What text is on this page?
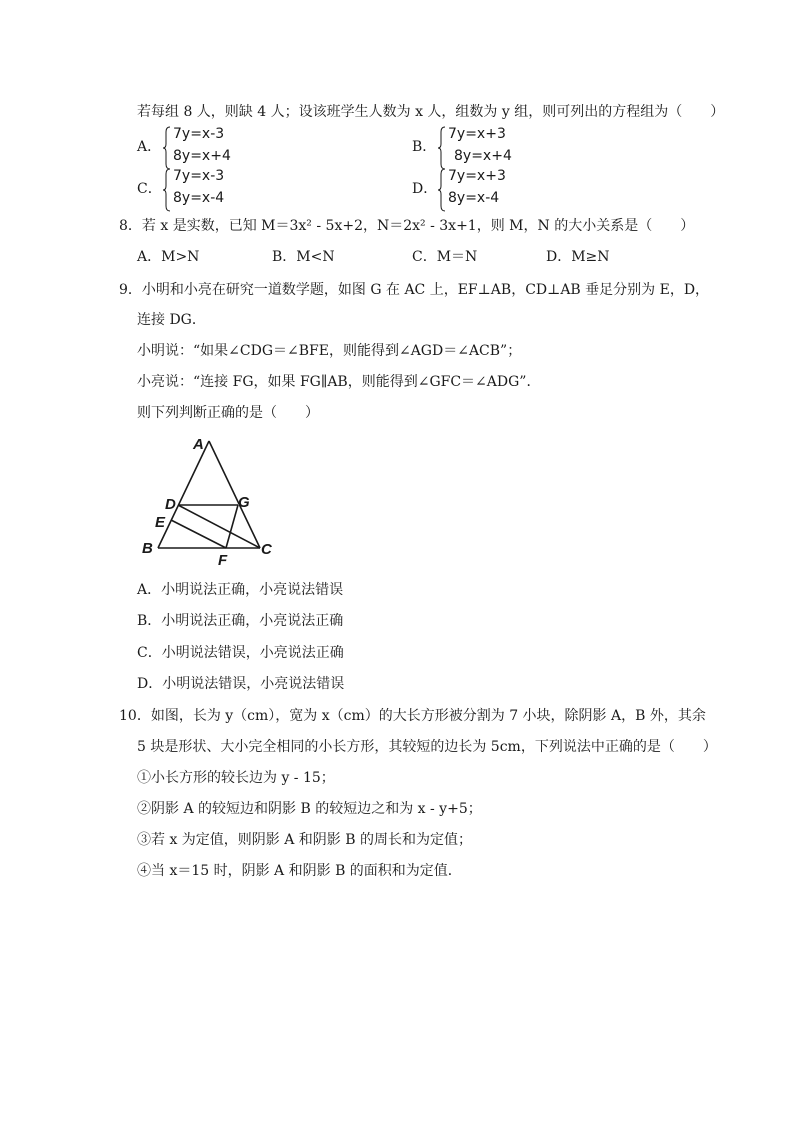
若每组 8 人，则缺 4 人；设该班学生人数为 x 人，组数为 y 组，则可列出的方程组为（　　）
A．
7y=x-3
8y=x+4
B．
7y=x+3
8y=x+4
C．
7y=x-3
8y=x-4
D．
7y=x+3
8y=x-4
8．若 x 是实数，已知 M＝3x² - 5x+2，N＝2x² - 3x+1，则 M，N 的大小关系是（　　）
A．M>N	B．M<N	C．M＝N	D．M≥N
9．小明和小亮在研究一道数学题，如图 G 在 AC 上，EF⊥AB，CD⊥AB 垂足分别为 E，D，
连接 DG．
小明说：“如果∠CDG＝∠BFE，则能得到∠AGD＝∠ACB”；
小亮说：“连接 FG，如果 FG∥AB，则能得到∠GFC＝∠ADG”．
则下列判断正确的是（　　）
A
B	C
D
E
F
G
A．小明说法正确，小亮说法错误
B．小明说法正确，小亮说法正确
C．小明说法错误，小亮说法正确
D．小明说法错误，小亮说法错误
10．如图，长为 y（cm），宽为 x（cm）的大长方形被分割为 7 小块，除阴影 A，B 外，其余
5 块是形状、大小完全相同的小长方形，其较短的边长为 5cm，下列说法中正确的是（　　）
①小长方形的较长边为 y - 15；
②阴影 A 的较短边和阴影 B 的较短边之和为 x - y+5；
③若 x 为定值，则阴影 A 和阴影 B 的周长和为定值；
④当 x＝15 时，阴影 A 和阴影 B 的面积和为定值．
